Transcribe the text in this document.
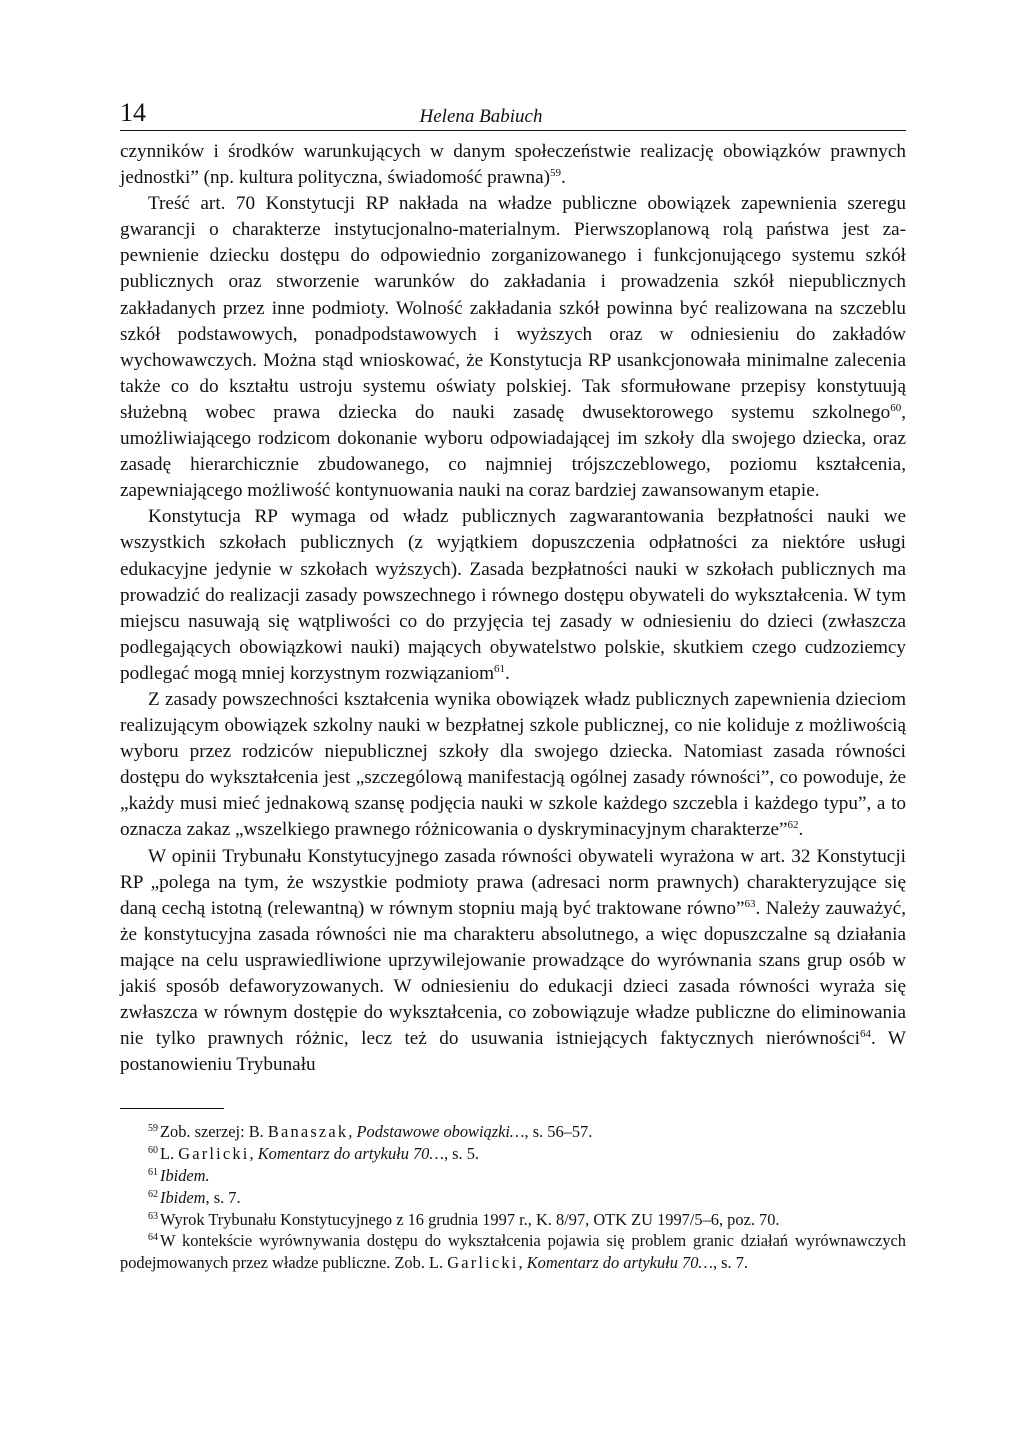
14	Helena Babiuch

czynników i środków warunkujących w danym społeczeństwie realizację obowiązków prawnych jednostki” (np. kultura polityczna, świadomość prawna)$^{59}$.

Treść art. 70 Konstytucji RP nakłada na władze publiczne obowiązek zapewnienia szeregu gwarancji o charakterze instytucjonalno-materialnym. Pierwszoplanową rolą państwa jest zapewnienie dziecku dostępu do odpowiednio zorganizowanego i funkcjonującego systemu szkół publicznych oraz stworzenie warunków do zakładania i prowadzenia szkół niepublicznych zakładanych przez inne podmioty. Wolność zakładania szkół powinna być realizowana na szczeblu szkół podstawowych, ponadpodstawowych i wyższych oraz w odniesieniu do zakładów wychowawczych. Można stąd wnioskować, że Konstytucja RP usankcjonowała minimalne zalecenia także co do kształtu ustroju systemu oświaty polskiej. Tak sformułowane przepisy konstytuują służebną wobec prawa dziecka do nauki zasadę dwusektorowego systemu szkolnego$^{60}$, umożliwiającego rodzicom dokonanie wyboru odpowiadającej im szkoły dla swojego dziecka, oraz zasadę hierarchicznie zbudowanego, co najmniej trójszczeblowego, poziomu kształcenia, zapewniającego możliwość kontynuowania nauki na coraz bardziej zawansowanym etapie.

Konstytucja RP wymaga od władz publicznych zagwarantowania bezpłatności nauki we wszystkich szkołach publicznych (z wyjątkiem dopuszczenia odpłatności za niektóre usługi edukacyjne jedynie w szkołach wyższych). Zasada bezpłatności nauki w szkołach publicznych ma prowadzić do realizacji zasady powszechnego i równego dostępu obywateli do wykształcenia. W tym miejscu nasuwają się wątpliwości co do przyjęcia tej zasady w odniesieniu do dzieci (zwłaszcza podlegających obowiązkowi nauki) mających obywatelstwo polskie, skutkiem czego cudzoziemcy podlegać mogą mniej korzystnym rozwiązaniom$^{61}$.

Z zasady powszechności kształcenia wynika obowiązek władz publicznych zapewnienia dzieciom realizującym obowiązek szkolny nauki w bezpłatnej szkole publicznej, co nie koliduje z możliwością wyboru przez rodziców niepublicznej szkoły dla swojego dziecka. Natomiast zasada równości dostępu do wykształcenia jest „szczególową manifestacją ogólnej zasady równości”, co powoduje, że „każdy musi mieć jednakową szansę podjęcia nauki w szkole każdego szczebla i każdego typu”, a to oznacza zakaz „wszelkiego prawnego różnicowania o dyskryminacyjnym charakterze”$^{62}$.

W opinii Trybunału Konstytucyjnego zasada równości obywateli wyrażona w art. 32 Konstytucji RP „polega na tym, że wszystkie podmioty prawa (adresaci norm prawnych) charakteryzujące się daną cechą istotną (relewantną) w równym stopniu mają być traktowane równo”$^{63}$. Należy zauważyć, że konstytucyjna zasada równości nie ma charakteru absolutnego, a więc dopuszczalne są działania mające na celu usprawiedliwione uprzywilejowanie prowadzące do wyrównania szans grup osób w jakiś sposób defaworyzowanych. W odniesieniu do edukacji dzieci zasada równości wyraża się zwłaszcza w równym dostępie do wykształcenia, co zobowiązuje władze publiczne do eliminowania nie tylko prawnych różnic, lecz też do usuwania istniejących faktycznych nierówności$^{64}$. W postanowieniu Trybunału

$^{59}$ Zob. szerzej: B. Banaszak, Podstawowe obowiązki…, s. 56–57.

$^{60}$ L. Garlicki, Komentarz do artykułu 70…, s. 5.

$^{61}$ Ibidem.

$^{62}$ Ibidem, s. 7.

$^{63}$ Wyrok Trybunału Konstytucyjnego z 16 grudnia 1997 r., K. 8/97, OTK ZU 1997/5–6, poz. 70.

$^{64}$ W kontekście wyrównywania dostępu do wykształcenia pojawia się problem granic działań wyrównawczych podejmowanych przez władze publiczne. Zob. L. Garlicki, Komentarz do artykułu 70…, s. 7.
